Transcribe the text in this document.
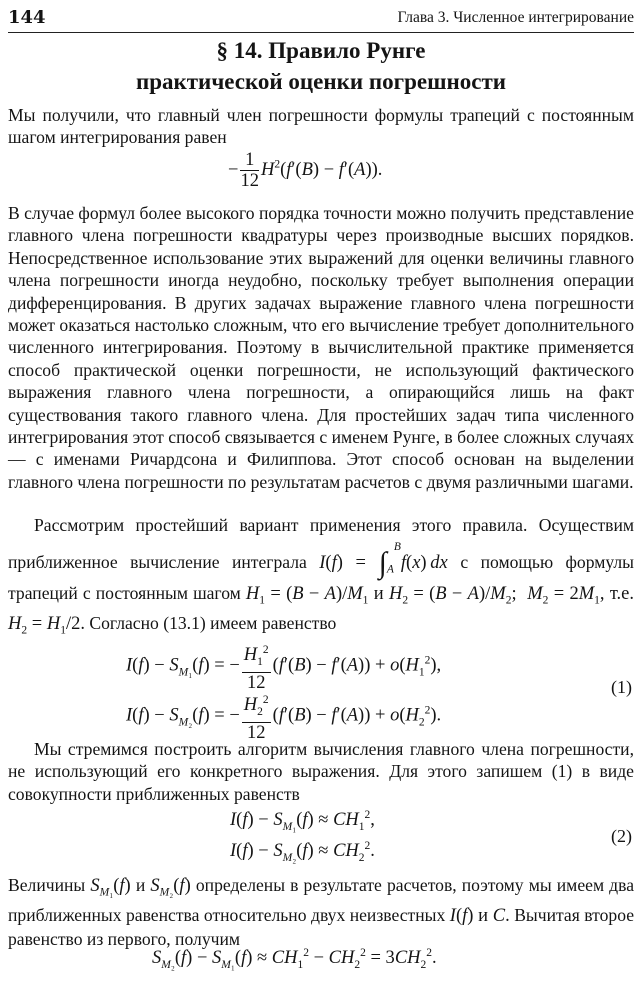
144	Глава 3. Численное интегрирование
§ 14. Правило Рунге
практической оценки погрешности

Мы получили, что главный член погрешности формулы трапеций с постоянным шагом интегрирования равен

− $\frac{1}{12} H^2(f'(B) - f'(A))$.

В случае формул более высокого порядка точности можно получить представление главного члена погрешности квадратуры через производные высших порядков. Непосредственное использование этих выражений для оценки величины главного члена погрешности иногда неудобно, поскольку требует выполнения операции дифференцирования. В других задачах выражение главного члена погрешности может оказаться настолько сложным, что его вычисление требует дополнительного численного интегрирования. Поэтому в вычислительной практике применяется способ практической оценки погрешности, не использующий фактического выражения главного члена погрешности, а опирающийся лишь на факт существования такого главного члена. Для простейших задач типа численного интегрирования этот способ связывается с именем Рунге, в более сложных случаях — с именами Ричардсона и Филиппова. Этот способ основан на выделении главного члена погрешности по результатам расчетов с двумя различными шагами.

Рассмотрим простейший вариант применения этого правила. Осуществим приближенное вычисление интеграла $I(f) = \int_A^Bf(x)$ dx с помощью формулы трапеций с постоянным шагом $H_1 = (B - A)/M_1$ и $H_2 = (B - A)/M_2$;  $M_2 = 2M_1$, т.е. $H_2 = H_1/2$. Согласно (13.1) имеем равенство

$I(f) - S_{M_1}(f)$ = − $\frac{H_1^2}{12} (f'(B) - f'(A)) + o(H_1^2)$,
$I(f) - S_{M_2}(f)$ = − $\frac{H_2^2}{12} (f'(B) - f'(A)) + o(H_2^2)$.
(1)

Мы стремимся построить алгоритм вычисления главного члена погрешности, не использующий его конкретного выражения. Для этого запишем (1) в виде совокупности приближенных равенств

$I(f) - S_{M_1}(f) \approx CH_1^2$,
$I(f) - S_{M_2}(f) \approx CH_2^2$.
(2)

Величины $S_{M_1}(f)$ и $S_{M_2}(f)$ определены в результате расчетов, поэтому мы имеем два приближенных равенства относительно двух неизвестных I(f) и C. Вычитая второе равенство из первого, получим

$S_{M_2}(f) - S_{M_1}(f) \approx CH_1^2 - CH_2^2 = 3CH_2^2$.
